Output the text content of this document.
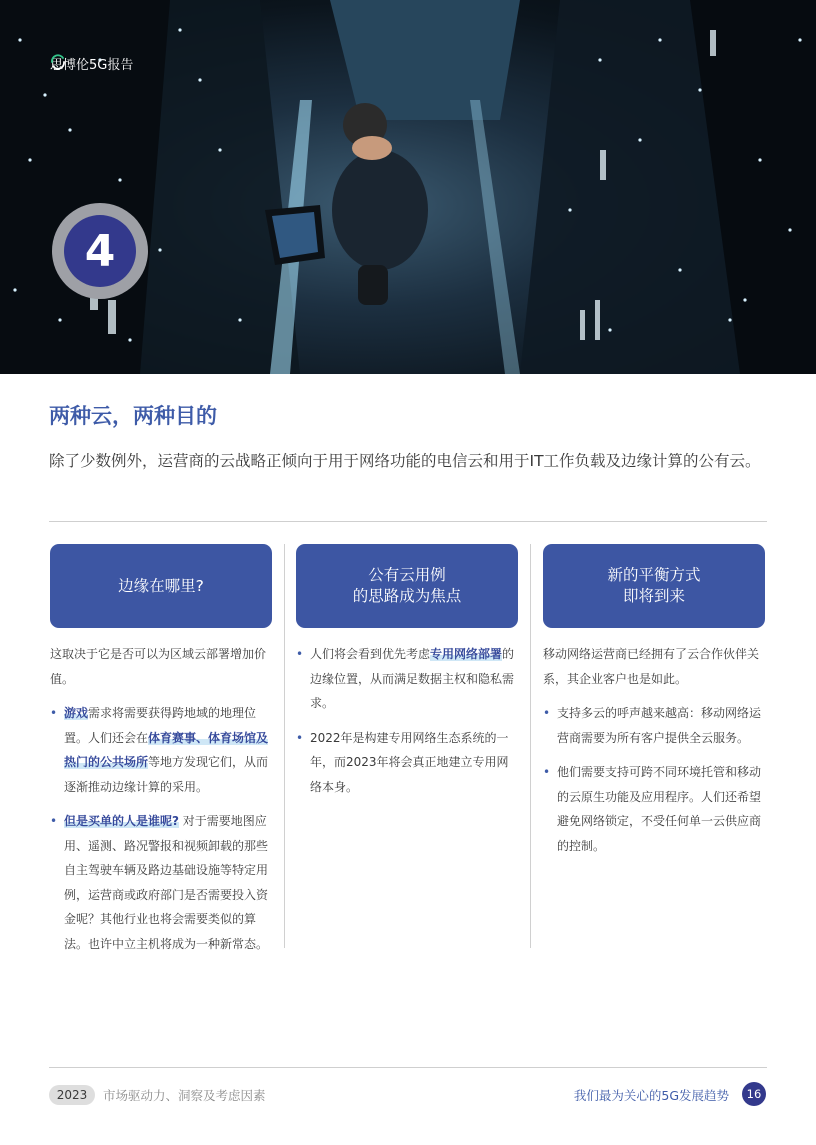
思博伦5G报告
4
两种云，两种目的

除了少数例外，运营商的云战略正倾向于用于网络功能的电信云和用于IT工作负载及边缘计算的公有云。

边缘在哪里?

这取决于它是否可以为区域云部署增加价值。

• 游戏需求将需要获得跨地域的地理位置。人们还会在体育赛事、体育场馆及热门的公共场所等地方发现它们，从而逐渐推动边缘计算的采用。
• 但是买单的人是谁呢? 对于需要地图应用、遥测、路况警报和视频卸载的那些自主驾驶车辆及路边基础设施等特定用例，运营商或政府部门是否需要投入资金呢？其他行业也将会需要类似的算法。也许中立主机将成为一种新常态。
公有云用例
的思路成为焦点
• 人们将会看到优先考虑专用网络部署的边缘位置，从而满足数据主权和隐私需求。
• 2022年是构建专用网络生态系统的一年，而2023年将会真正地建立专用网络本身。
新的平衡方式
即将到来

移动网络运营商已经拥有了云合作伙伴关系，其企业客户也是如此。

• 支持多云的呼声越来越高：移动网络运营商需要为所有客户提供全云服务。
• 他们需要支持可跨不同环境托管和移动的云原生功能及应用程序。人们还希望避免网络锁定，不受任何单一云供应商的控制。
2023	市场驱动力、洞察及考虑因素	我们最为关心的5G发展趋势	16
